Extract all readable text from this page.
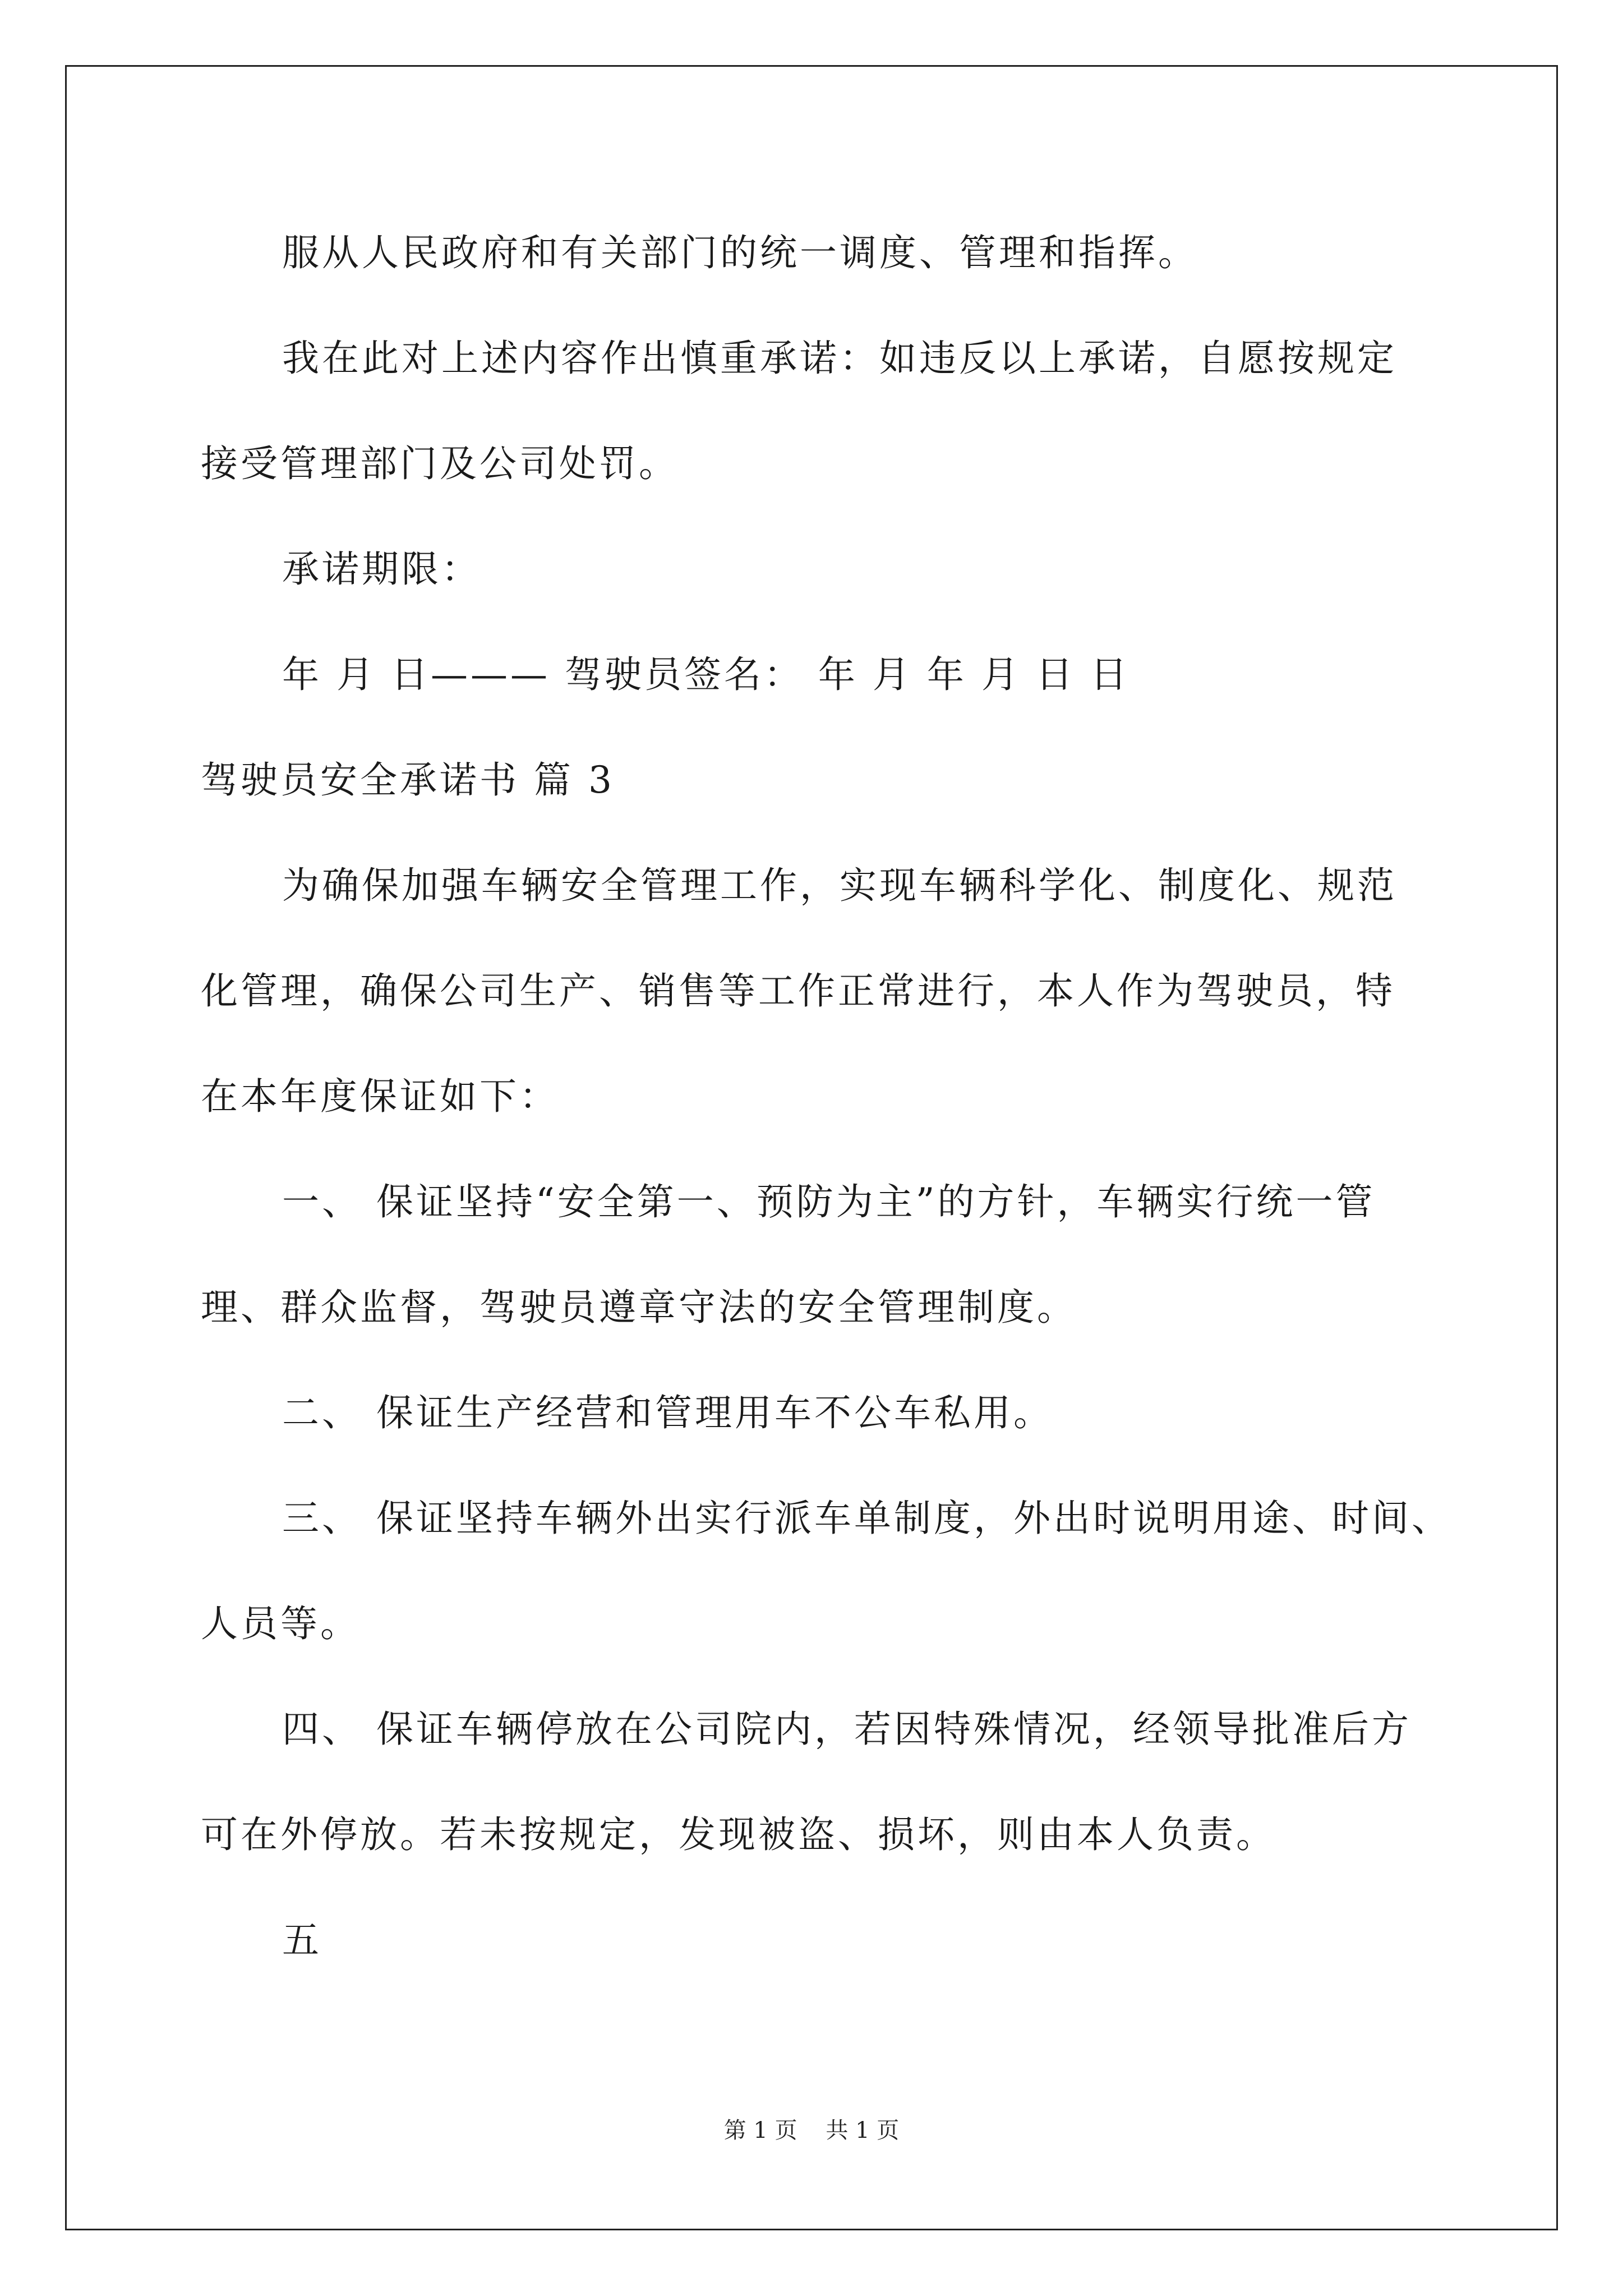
服从人民政府和有关部门的统一调度、管理和指挥。
我在此对上述内容作出慎重承诺：如违反以上承诺，自愿按规定
接受管理部门及公司处罚。
承诺期限：
年 月 日——— 驾驶员签名： 年 月 年 月 日 日
驾驶员安全承诺书 篇 3
为确保加强车辆安全管理工作，实现车辆科学化、制度化、规范
化管理，确保公司生产、销售等工作正常进行，本人作为驾驶员，特
在本年度保证如下：
一、 保证坚持“安全第一、预防为主”的方针，车辆实行统一管
理、群众监督，驾驶员遵章守法的安全管理制度。
二、 保证生产经营和管理用车不公车私用。
三、 保证坚持车辆外出实行派车单制度，外出时说明用途、时间、
人员等。
四、 保证车辆停放在公司院内，若因特殊情况，经领导批准后方
可在外停放。若未按规定，发现被盗、损坏，则由本人负责。
五
第 1 页    共 1 页
